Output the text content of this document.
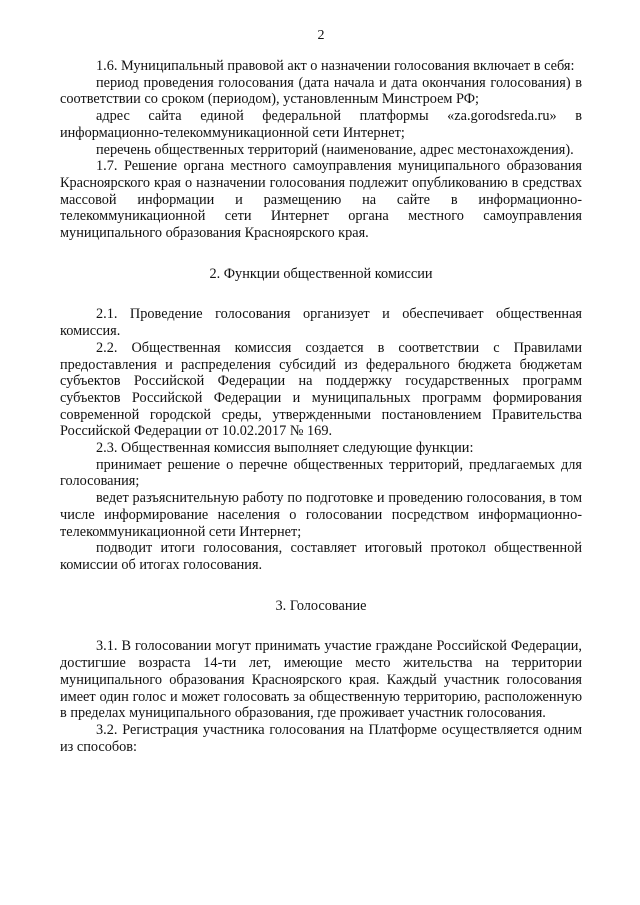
2

1.6. Муниципальный правовой акт о назначении голосования включает в себя:

период проведения голосования (дата начала и дата окончания голосования) в соответствии со сроком (периодом), установленным Минстроем РФ;

адрес сайта единой федеральной платформы «za.gorodsreda.ru» в информационно-телекоммуникационной сети Интернет;

перечень общественных территорий (наименование, адрес местонахождения).

1.7. Решение органа местного самоуправления муниципального образования Красноярского края о назначении голосования подлежит опубликованию в средствах массовой информации и размещению на сайте в информационно-телекоммуникационной сети Интернет органа местного самоуправления муниципального образования Красноярского края.

2. Функции общественной комиссии

2.1. Проведение голосования организует и обеспечивает общественная комиссия.

2.2. Общественная комиссия создается в соответствии с Правилами предоставления и распределения субсидий из федерального бюджета бюджетам субъектов Российской Федерации на поддержку государственных программ субъектов Российской Федерации и муниципальных программ формирования современной городской среды, утвержденными постановлением Правительства Российской Федерации от 10.02.2017 № 169.

2.3. Общественная комиссия выполняет следующие функции:

принимает решение о перечне общественных территорий, предлагаемых для голосования;

ведет разъяснительную работу по подготовке и проведению голосования, в том числе информирование населения о голосовании посредством информационно-телекоммуникационной сети Интернет;

подводит итоги голосования, составляет итоговый протокол общественной комиссии об итогах голосования.

3. Голосование

3.1. В голосовании могут принимать участие граждане Российской Федерации, достигшие возраста 14-ти лет, имеющие место жительства на территории муниципального образования Красноярского края. Каждый участник голосования имеет один голос и может голосовать за общественную территорию, расположенную в пределах муниципального образования, где проживает участник голосования.

3.2. Регистрация участника голосования на Платформе осуществляется одним из способов:
